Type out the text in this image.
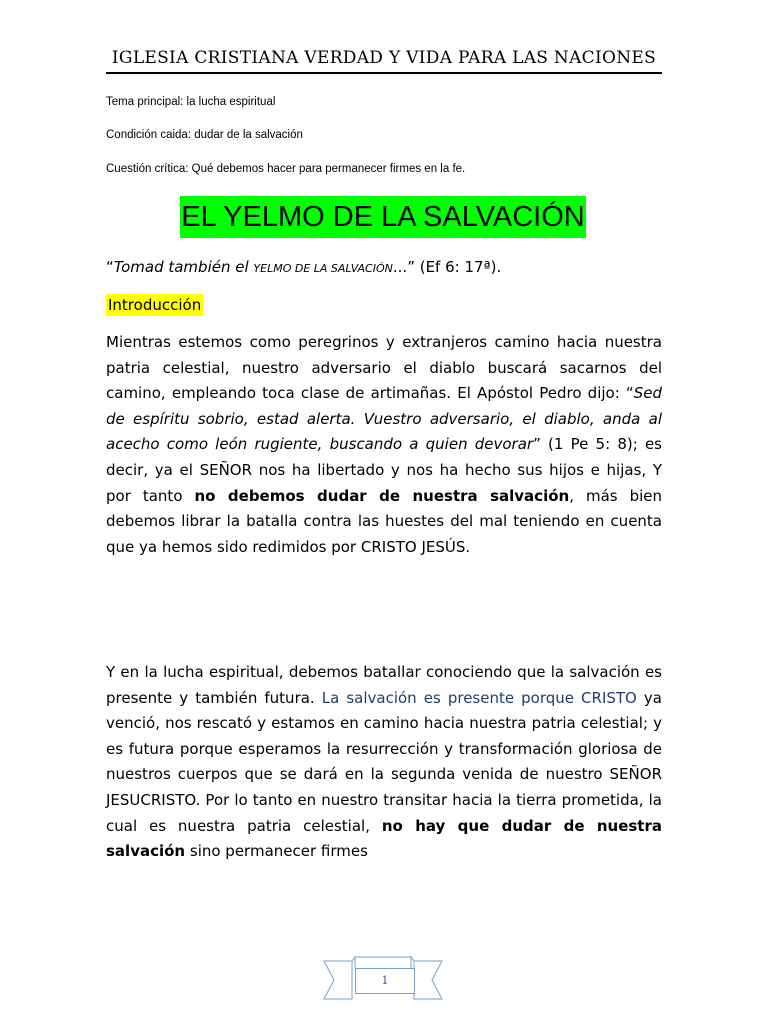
IGLESIA CRISTIANA VERDAD Y VIDA PARA LAS NACIONES
Tema principal: la lucha espiritual
Condición caida: dudar de la salvación
Cuestión crítica: Qué debemos hacer para permanecer firmes en la fe.
EL YELMO DE LA SALVACIÓN
“Tomad también el YELMO DE LA SALVACIÓN...” (Ef 6: 17ª).
Introducción

Mientras estemos como peregrinos y extranjeros camino hacia nuestra patria celestial, nuestro adversario el diablo buscará sacarnos del camino, empleando toca clase de artimañas. El Apóstol Pedro dijo: “Sed de espíritu sobrio, estad alerta. Vuestro adversario, el diablo, anda al acecho como león rugiente, buscando a quien devorar” (1 Pe 5: 8); es decir, ya el SEÑOR nos ha libertado y nos ha hecho sus hijos e hijas, Y por tanto no debemos dudar de nuestra salvación, más bien debemos librar la batalla contra las huestes del mal teniendo en cuenta que ya hemos sido redimidos por CRISTO JESÚS.

Y en la lucha espiritual, debemos batallar conociendo que la salvación es presente y también futura. La salvación es presente porque CRISTO ya venció, nos rescató y estamos en camino hacia nuestra patria celestial; y es futura porque esperamos la resurrección y transformación gloriosa de nuestros cuerpos que se dará en la segunda venida de nuestro SEÑOR JESUCRISTO. Por lo tanto en nuestro transitar hacia la tierra prometida, la cual es nuestra patria celestial, no hay que dudar de nuestra salvación sino permanecer firmes

1
